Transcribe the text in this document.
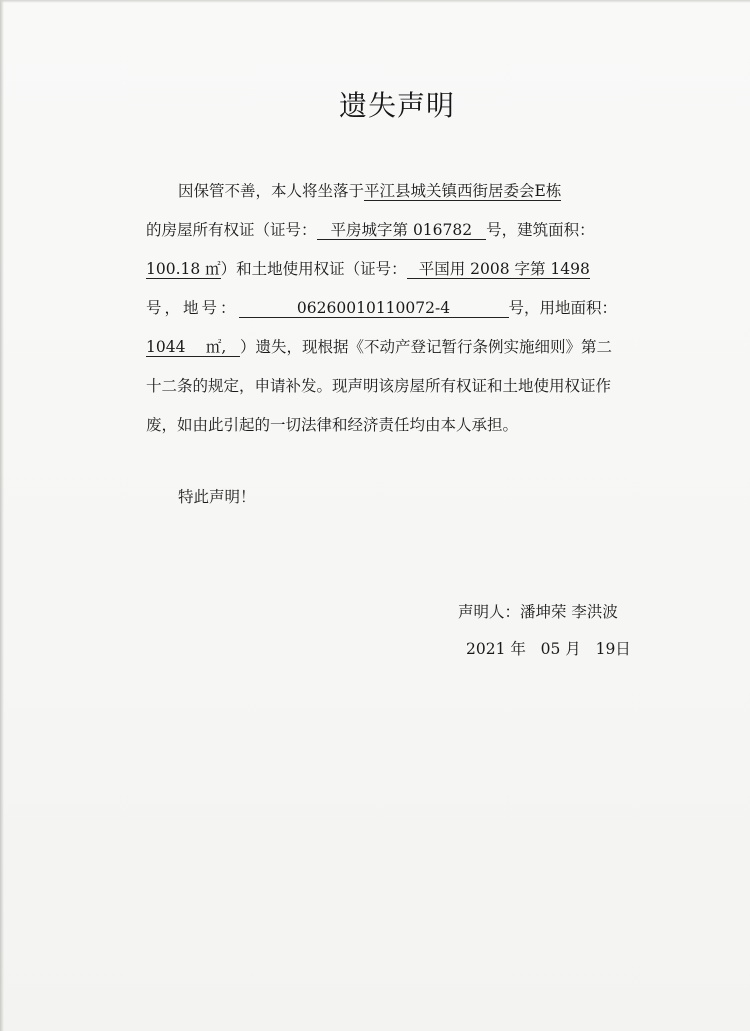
遗失声明
因保管不善，本人将坐落于平江县城关镇西街居委会E栋
的房屋所有权证（证号： 平房城字第 016782 号，建筑面积：
100.18 ㎡）和土地使用权证（证号： 平国用 2008 字第 1498
号，地号：	06260010110072-4	号，用地面积：
1044　 ㎡, ）遗失，现根据《不动产登记暂行条例实施细则》第二
十二条的规定，申请补发。现声明该房屋所有权证和土地使用权证作
废，如由此引起的一切法律和经济责任均由本人承担。
特此声明！
声明人：潘坤荣 李洪波
2021 年   05 月   19日
